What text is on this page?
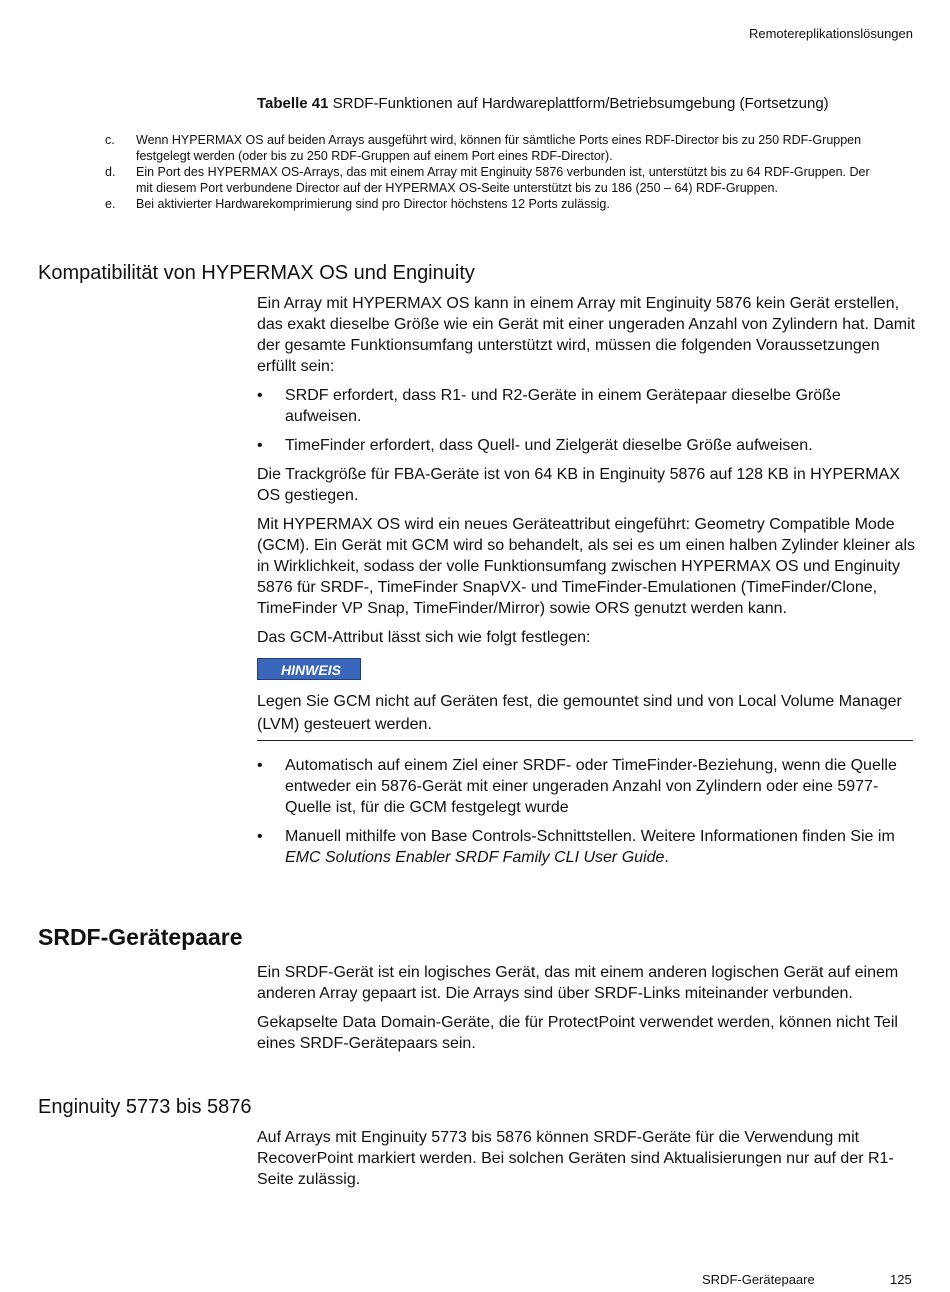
Remotereplikationslösungen
Tabelle 41 SRDF-Funktionen auf Hardwareplattform/Betriebsumgebung (Fortsetzung)
c.	Wenn HYPERMAX OS auf beiden Arrays ausgeführt wird, können für sämtliche Ports eines RDF-Director bis zu 250 RDF-Gruppen festgelegt werden (oder bis zu 250 RDF-Gruppen auf einem Port eines RDF-Director).
d.	Ein Port des HYPERMAX OS-Arrays, das mit einem Array mit Enginuity 5876 verbunden ist, unterstützt bis zu 64 RDF-Gruppen. Der mit diesem Port verbundene Director auf der HYPERMAX OS-Seite unterstützt bis zu 186 (250 – 64) RDF-Gruppen.
e.	Bei aktivierter Hardwarekomprimierung sind pro Director höchstens 12 Ports zulässig.
Kompatibilität von HYPERMAX OS und Enginuity

Ein Array mit HYPERMAX OS kann in einem Array mit Enginuity 5876 kein Gerät erstellen, das exakt dieselbe Größe wie ein Gerät mit einer ungeraden Anzahl von Zylindern hat. Damit der gesamte Funktionsumfang unterstützt wird, müssen die folgenden Voraussetzungen erfüllt sein:

•	SRDF erfordert, dass R1- und R2-Geräte in einem Gerätepaar dieselbe Größe aufweisen.
•	TimeFinder erfordert, dass Quell- und Zielgerät dieselbe Größe aufweisen.

Die Trackgröße für FBA-Geräte ist von 64 KB in Enginuity 5876 auf 128 KB in HYPERMAX OS gestiegen.

Mit HYPERMAX OS wird ein neues Geräteattribut eingeführt: Geometry Compatible Mode (GCM). Ein Gerät mit GCM wird so behandelt, als sei es um einen halben Zylinder kleiner als in Wirklichkeit, sodass der volle Funktionsumfang zwischen HYPERMAX OS und Enginuity 5876 für SRDF-, TimeFinder SnapVX- und TimeFinder-Emulationen (TimeFinder/Clone, TimeFinder VP Snap, TimeFinder/Mirror) sowie ORS genutzt werden kann.

Das GCM-Attribut lässt sich wie folgt festlegen:

HINWEIS

Legen Sie GCM nicht auf Geräten fest, die gemountet sind und von Local Volume Manager (LVM) gesteuert werden.

•	Automatisch auf einem Ziel einer SRDF- oder TimeFinder-Beziehung, wenn die Quelle entweder ein 5876-Gerät mit einer ungeraden Anzahl von Zylindern oder eine 5977-Quelle ist, für die GCM festgelegt wurde
•	Manuell mithilfe von Base Controls-Schnittstellen. Weitere Informationen finden Sie im EMC Solutions Enabler SRDF Family CLI User Guide.
SRDF-Gerätepaare

Ein SRDF-Gerät ist ein logisches Gerät, das mit einem anderen logischen Gerät auf einem anderen Array gepaart ist. Die Arrays sind über SRDF-Links miteinander verbunden.

Gekapselte Data Domain-Geräte, die für ProtectPoint verwendet werden, können nicht Teil eines SRDF-Gerätepaars sein.

Enginuity 5773 bis 5876

Auf Arrays mit Enginuity 5773 bis 5876 können SRDF-Geräte für die Verwendung mit RecoverPoint markiert werden. Bei solchen Geräten sind Aktualisierungen nur auf der R1-Seite zulässig.

SRDF-Gerätepaare	125
